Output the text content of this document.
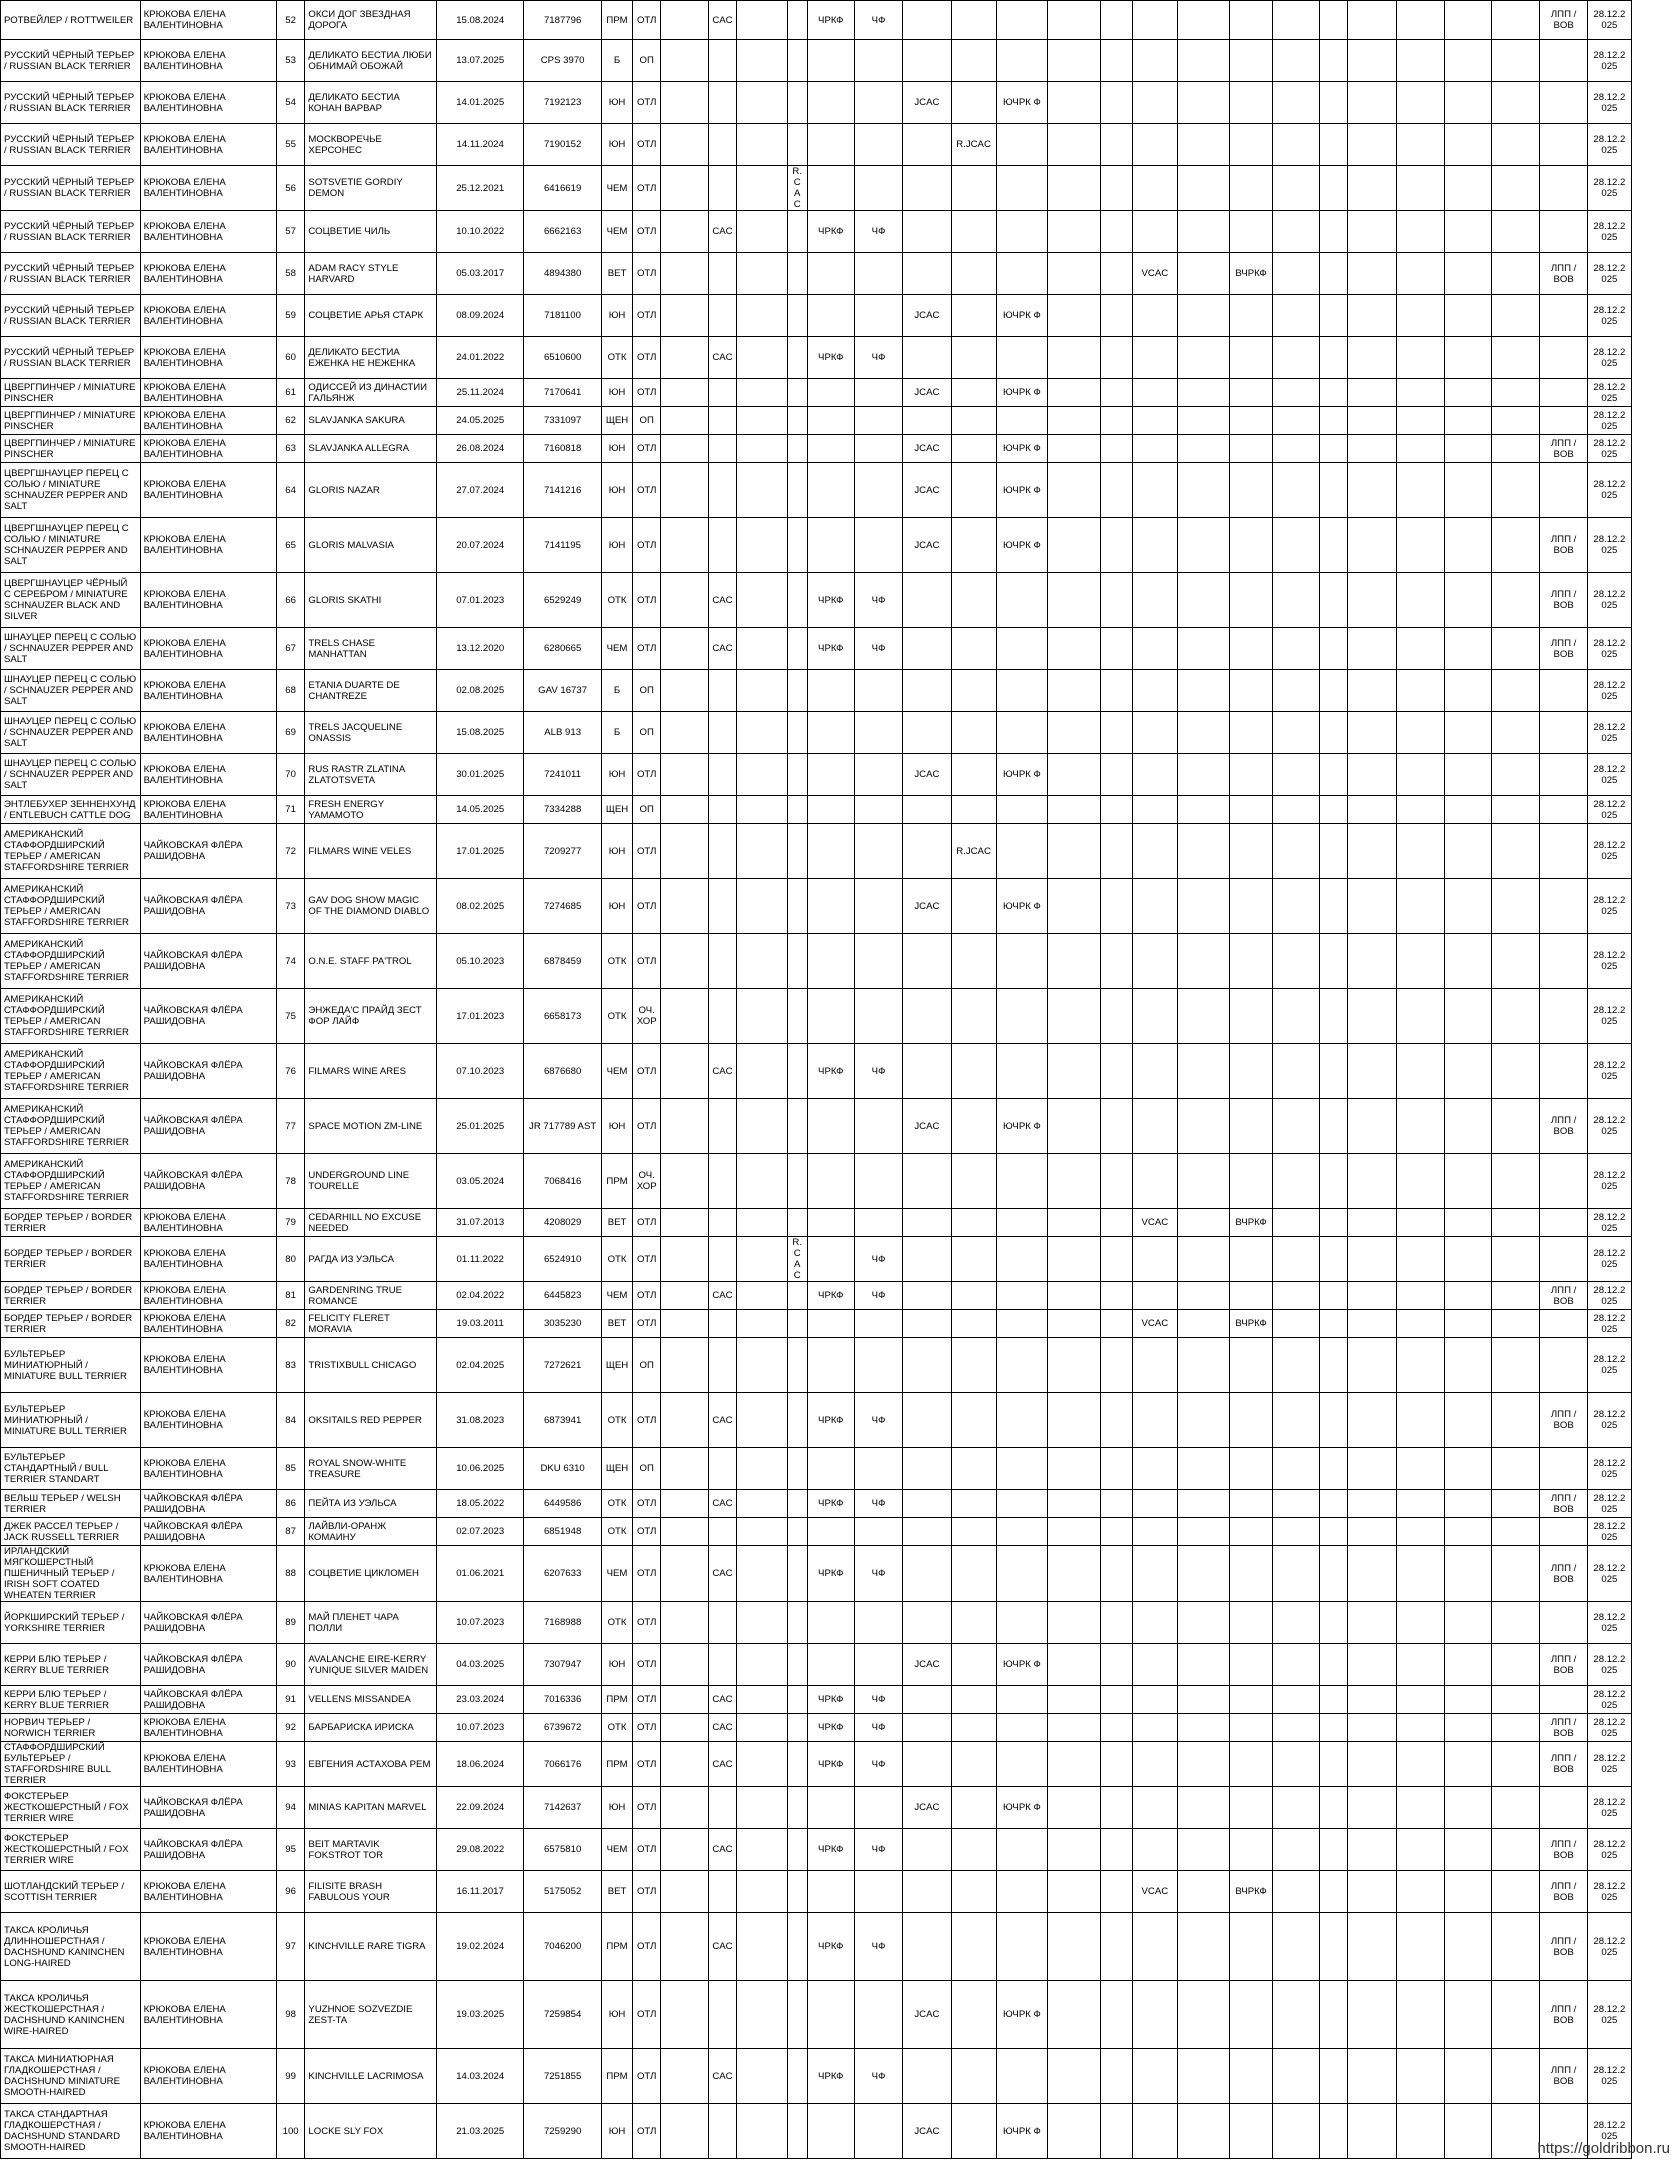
РОТВЕЙЛЕР / ROTTWEILER	КРЮКОВА ЕЛЕНА ВАЛЕНТИНОВНА	52	ОКСИ ДОГ ЗВЕЗДНАЯ ДОРОГА	15.08.2024	7187796	ПРМ	ОТЛ		CAC			ЧРКФ	ЧФ															ЛПП / BOB	28.12.2025
РУССКИЙ ЧЁРНЫЙ ТЕРЬЕР / RUSSIAN BLACK TERRIER	КРЮКОВА ЕЛЕНА ВАЛЕНТИНОВНА	53	ДЕЛИКАТО БЕСТИА ЛЮБИ ОБНИМАЙ ОБОЖАЙ	13.07.2025	CPS 3970	Б	ОП																						28.12.2025
РУССКИЙ ЧЁРНЫЙ ТЕРЬЕР / RUSSIAN BLACK TERRIER	КРЮКОВА ЕЛЕНА ВАЛЕНТИНОВНА	54	ДЕЛИКАТО БЕСТИА КОНАН ВАРВАР	14.01.2025	7192123	ЮН	ОТЛ							JCAC		ЮЧРК Ф													28.12.2025
РУССКИЙ ЧЁРНЫЙ ТЕРЬЕР / RUSSIAN BLACK TERRIER	КРЮКОВА ЕЛЕНА ВАЛЕНТИНОВНА	55	МОСКВОРЕЧЬЕ ХЕРСОНЕС	14.11.2024	7190152	ЮН	ОТЛ								R.JCAC														28.12.2025
РУССКИЙ ЧЁРНЫЙ ТЕРЬЕР / RUSSIAN BLACK TERRIER	КРЮКОВА ЕЛЕНА ВАЛЕНТИНОВНА	56	SOTSVETIE GORDIY DEMON	25.12.2021	6416619	ЧЕМ	ОТЛ				R.CAC																		28.12.2025
РУССКИЙ ЧЁРНЫЙ ТЕРЬЕР / RUSSIAN BLACK TERRIER	КРЮКОВА ЕЛЕНА ВАЛЕНТИНОВНА	57	СОЦВЕТИЕ ЧИЛЬ	10.10.2022	6662163	ЧЕМ	ОТЛ		CAC			ЧРКФ	ЧФ																28.12.2025
РУССКИЙ ЧЁРНЫЙ ТЕРЬЕР / RUSSIAN BLACK TERRIER	КРЮКОВА ЕЛЕНА ВАЛЕНТИНОВНА	58	ADAM RACY STYLE HARVARD	05.03.2017	4894380	ВЕТ	ОТЛ												VCAC		ВЧРКФ							ЛПП / BOB	28.12.2025
РУССКИЙ ЧЁРНЫЙ ТЕРЬЕР / RUSSIAN BLACK TERRIER	КРЮКОВА ЕЛЕНА ВАЛЕНТИНОВНА	59	СОЦВЕТИЕ АРЬЯ СТАРК	08.09.2024	7181100	ЮН	ОТЛ							JCAC		ЮЧРК Ф													28.12.2025
РУССКИЙ ЧЁРНЫЙ ТЕРЬЕР / RUSSIAN BLACK TERRIER	КРЮКОВА ЕЛЕНА ВАЛЕНТИНОВНА	60	ДЕЛИКАТО БЕСТИА ЕЖЕНКА НЕ НЕЖЕНКА	24.01.2022	6510600	ОТК	ОТЛ		CAC			ЧРКФ	ЧФ																28.12.2025
ЦВЕРГПИНЧЕР / MINIATURE PINSCHER	КРЮКОВА ЕЛЕНА ВАЛЕНТИНОВНА	61	ОДИССЕЙ ИЗ ДИНАСТИИ ГАЛЬЯНЖ	25.11.2024	7170641	ЮН	ОТЛ							JCAC		ЮЧРК Ф													28.12.2025
ЦВЕРГПИНЧЕР / MINIATURE PINSCHER	КРЮКОВА ЕЛЕНА ВАЛЕНТИНОВНА	62	SLAVJANKA SAKURA	24.05.2025	7331097	ЩЕН	ОП																						28.12.2025
ЦВЕРГПИНЧЕР / MINIATURE PINSCHER	КРЮКОВА ЕЛЕНА ВАЛЕНТИНОВНА	63	SLAVJANKA ALLEGRA	26.08.2024	7160818	ЮН	ОТЛ							JCAC		ЮЧРК Ф												ЛПП / BOB	28.12.2025
ЦВЕРГШНАУЦЕР ПЕРЕЦ С СОЛЬЮ / MINIATURE SCHNAUZER PEPPER AND SALT	КРЮКОВА ЕЛЕНА ВАЛЕНТИНОВНА	64	GLORIS NAZAR	27.07.2024	7141216	ЮН	ОТЛ							JCAC		ЮЧРК Ф													28.12.2025
ЦВЕРГШНАУЦЕР ПЕРЕЦ С СОЛЬЮ / MINIATURE SCHNAUZER PEPPER AND SALT	КРЮКОВА ЕЛЕНА ВАЛЕНТИНОВНА	65	GLORIS MALVASIA	20.07.2024	7141195	ЮН	ОТЛ							JCAC		ЮЧРК Ф												ЛПП / BOB	28.12.2025
ЦВЕРГШНАУЦЕР ЧЁРНЫЙ С СЕРЕБРОМ / MINIATURE SCHNAUZER BLACK AND SILVER	КРЮКОВА ЕЛЕНА ВАЛЕНТИНОВНА	66	GLORIS SKATHI	07.01.2023	6529249	ОТК	ОТЛ		CAC			ЧРКФ	ЧФ															ЛПП / BOB	28.12.2025
ШНАУЦЕР ПЕРЕЦ С СОЛЬЮ / SCHNAUZER PEPPER AND SALT	КРЮКОВА ЕЛЕНА ВАЛЕНТИНОВНА	67	TRELS CHASE MANHATTAN	13.12.2020	6280665	ЧЕМ	ОТЛ		CAC			ЧРКФ	ЧФ															ЛПП / BOB	28.12.2025
ШНАУЦЕР ПЕРЕЦ С СОЛЬЮ / SCHNAUZER PEPPER AND SALT	КРЮКОВА ЕЛЕНА ВАЛЕНТИНОВНА	68	ETANIA DUARTE DE CHANTREZE	02.08.2025	GAV 16737	Б	ОП																						28.12.2025
ШНАУЦЕР ПЕРЕЦ С СОЛЬЮ / SCHNAUZER PEPPER AND SALT	КРЮКОВА ЕЛЕНА ВАЛЕНТИНОВНА	69	TRELS JACQUELINE ONASSIS	15.08.2025	ALB 913	Б	ОП																						28.12.2025
ШНАУЦЕР ПЕРЕЦ С СОЛЬЮ / SCHNAUZER PEPPER AND SALT	КРЮКОВА ЕЛЕНА ВАЛЕНТИНОВНА	70	RUS RASTR ZLATINA ZLATOTSVETA	30.01.2025	7241011	ЮН	ОТЛ							JCAC		ЮЧРК Ф													28.12.2025
ЭНТЛЕБУХЕР ЗЕННЕНХУНД / ENTLEBUCH CATTLE DOG	КРЮКОВА ЕЛЕНА ВАЛЕНТИНОВНА	71	FRESH ENERGY YAMAMOTO	14.05.2025	7334288	ЩЕН	ОП																						28.12.2025
АМЕРИКАНСКИЙ СТАФФОРДШИРСКИЙ ТЕРЬЕР / AMERICAN STAFFORDSHIRE TERRIER	ЧАЙКОВСКАЯ ФЛЁРА РАШИДОВНА	72	FILMARS WINE VELES	17.01.2025	7209277	ЮН	ОТЛ								R.JCAC														28.12.2025
АМЕРИКАНСКИЙ СТАФФОРДШИРСКИЙ ТЕРЬЕР / AMERICAN STAFFORDSHIRE TERRIER	ЧАЙКОВСКАЯ ФЛЁРА РАШИДОВНА	73	GAV DOG SHOW MAGIC OF THE DIAMOND DIABLO	08.02.2025	7274685	ЮН	ОТЛ							JCAC		ЮЧРК Ф													28.12.2025
АМЕРИКАНСКИЙ СТАФФОРДШИРСКИЙ ТЕРЬЕР / AMERICAN STAFFORDSHIRE TERRIER	ЧАЙКОВСКАЯ ФЛЁРА РАШИДОВНА	74	O.N.E. STAFF PA'TROL	05.10.2023	6878459	ОТК	ОТЛ																						28.12.2025
АМЕРИКАНСКИЙ СТАФФОРДШИРСКИЙ ТЕРЬЕР / AMERICAN STAFFORDSHIRE TERRIER	ЧАЙКОВСКАЯ ФЛЁРА РАШИДОВНА	75	ЭНЖЕДА'С ПРАЙД ЗЕСТ ФОР ЛАЙФ	17.01.2023	6658173	ОТК	ОЧ.ХОР																						28.12.2025
АМЕРИКАНСКИЙ СТАФФОРДШИРСКИЙ ТЕРЬЕР / AMERICAN STAFFORDSHIRE TERRIER	ЧАЙКОВСКАЯ ФЛЁРА РАШИДОВНА	76	FILMARS WINE ARES	07.10.2023	6876680	ЧЕМ	ОТЛ		CAC			ЧРКФ	ЧФ																28.12.2025
АМЕРИКАНСКИЙ СТАФФОРДШИРСКИЙ ТЕРЬЕР / AMERICAN STAFFORDSHIRE TERRIER	ЧАЙКОВСКАЯ ФЛЁРА РАШИДОВНА	77	SPACE MOTION ZM-LINE	25.01.2025	JR 717789 AST	ЮН	ОТЛ							JCAC		ЮЧРК Ф												ЛПП / BOB	28.12.2025
АМЕРИКАНСКИЙ СТАФФОРДШИРСКИЙ ТЕРЬЕР / AMERICAN STAFFORDSHIRE TERRIER	ЧАЙКОВСКАЯ ФЛЁРА РАШИДОВНА	78	UNDERGROUND LINE TOURELLE	03.05.2024	7068416	ПРМ	ОЧ.ХОР																						28.12.2025
БОРДЕР ТЕРЬЕР / BORDER TERRIER	КРЮКОВА ЕЛЕНА ВАЛЕНТИНОВНА	79	CEDARHILL NO EXCUSE NEEDED	31.07.2013	4208029	ВЕТ	ОТЛ												VCAC		ВЧРКФ								28.12.2025
БОРДЕР ТЕРЬЕР / BORDER TERRIER	КРЮКОВА ЕЛЕНА ВАЛЕНТИНОВНА	80	РАГДА ИЗ УЭЛЬСА	01.11.2022	6524910	ОТК	ОТЛ				R.CAC		ЧФ																28.12.2025
БОРДЕР ТЕРЬЕР / BORDER TERRIER	КРЮКОВА ЕЛЕНА ВАЛЕНТИНОВНА	81	GARDENRING TRUE ROMANCE	02.04.2022	6445823	ЧЕМ	ОТЛ		CAC			ЧРКФ	ЧФ															ЛПП / BOB	28.12.2025
БОРДЕР ТЕРЬЕР / BORDER TERRIER	КРЮКОВА ЕЛЕНА ВАЛЕНТИНОВНА	82	FELICITY FLERET MORAVIA	19.03.2011	3035230	ВЕТ	ОТЛ												VCAC		ВЧРКФ								28.12.2025
БУЛЬТЕРЬЕР МИНИАТЮРНЫЙ / MINIATURE BULL TERRIER	КРЮКОВА ЕЛЕНА ВАЛЕНТИНОВНА	83	TRISTIXBULL CHICAGO	02.04.2025	7272621	ЩЕН	ОП																						28.12.2025
БУЛЬТЕРЬЕР МИНИАТЮРНЫЙ / MINIATURE BULL TERRIER	КРЮКОВА ЕЛЕНА ВАЛЕНТИНОВНА	84	OKSITAILS RED PEPPER	31.08.2023	6873941	ОТК	ОТЛ		CAC			ЧРКФ	ЧФ															ЛПП / BOB	28.12.2025
БУЛЬТЕРЬЕР СТАНДАРТНЫЙ / BULL TERRIER STANDART	КРЮКОВА ЕЛЕНА ВАЛЕНТИНОВНА	85	ROYAL SNOW-WHITE TREASURE	10.06.2025	DKU 6310	ЩЕН	ОП																						28.12.2025
ВЕЛЬШ ТЕРЬЕР / WELSH TERRIER	ЧАЙКОВСКАЯ ФЛЁРА РАШИДОВНА	86	ПЕЙТА ИЗ УЭЛЬСА	18.05.2022	6449586	ОТК	ОТЛ		CAC			ЧРКФ	ЧФ															ЛПП / BOB	28.12.2025
ДЖЕК РАССЕЛ ТЕРЬЕР / JACK RUSSELL TERRIER	ЧАЙКОВСКАЯ ФЛЁРА РАШИДОВНА	87	ЛАЙВЛИ-ОРАНЖ КОМАИНУ	02.07.2023	6851948	ОТК	ОТЛ																						28.12.2025
ИРЛАНДСКИЙ МЯГКОШЕРСТНЫЙ ПШЕНИЧНЫЙ ТЕРЬЕР / IRISH SOFT COATED WHEATEN TERRIER	КРЮКОВА ЕЛЕНА ВАЛЕНТИНОВНА	88	СОЦВЕТИЕ ЦИКЛОМЕН	01.06.2021	6207633	ЧЕМ	ОТЛ		CAC			ЧРКФ	ЧФ															ЛПП / BOB	28.12.2025
ЙОРКШИРСКИЙ ТЕРЬЕР / YORKSHIRE TERRIER	ЧАЙКОВСКАЯ ФЛЁРА РАШИДОВНА	89	МАЙ ПЛЕНЕТ ЧАРА ПОЛЛИ	10.07.2023	7168988	ОТК	ОТЛ																						28.12.2025
КЕРРИ БЛЮ ТЕРЬЕР / KERRY BLUE TERRIER	ЧАЙКОВСКАЯ ФЛЁРА РАШИДОВНА	90	AVALANCHE EIRE-KERRY YUNIQUE SILVER MAIDEN	04.03.2025	7307947	ЮН	ОТЛ							JCAC		ЮЧРК Ф												ЛПП / BOB	28.12.2025
КЕРРИ БЛЮ ТЕРЬЕР / KERRY BLUE TERRIER	ЧАЙКОВСКАЯ ФЛЁРА РАШИДОВНА	91	VELLENS MISSANDEA	23.03.2024	7016336	ПРМ	ОТЛ		CAC			ЧРКФ	ЧФ																28.12.2025
НОРВИЧ ТЕРЬЕР / NORWICH TERRIER	КРЮКОВА ЕЛЕНА ВАЛЕНТИНОВНА	92	БАРБАРИСКА ИРИСКА	10.07.2023	6739672	ОТК	ОТЛ		CAC			ЧРКФ	ЧФ															ЛПП / BOB	28.12.2025
СТАФФОРДШИРСКИЙ БУЛЬТЕРЬЕР / STAFFORDSHIRE BULL TERRIER	КРЮКОВА ЕЛЕНА ВАЛЕНТИНОВНА	93	ЕВГЕНИЯ АСТАХОВА РЕМ	18.06.2024	7066176	ПРМ	ОТЛ		CAC			ЧРКФ	ЧФ															ЛПП / BOB	28.12.2025
ФОКСТЕРЬЕР ЖЕСТКОШЕРСТНЫЙ / FOX TERRIER WIRE	ЧАЙКОВСКАЯ ФЛЁРА РАШИДОВНА	94	MINIAS KAPITAN MARVEL	22.09.2024	7142637	ЮН	ОТЛ							JCAC		ЮЧРК Ф													28.12.2025
ФОКСТЕРЬЕР ЖЕСТКОШЕРСТНЫЙ / FOX TERRIER WIRE	ЧАЙКОВСКАЯ ФЛЁРА РАШИДОВНА	95	BEIT MARTAVIK FOKSTROT TOR	29.08.2022	6575810	ЧЕМ	ОТЛ		CAC			ЧРКФ	ЧФ															ЛПП / BOB	28.12.2025
ШОТЛАНДСКИЙ ТЕРЬЕР / SCOTTISH TERRIER	КРЮКОВА ЕЛЕНА ВАЛЕНТИНОВНА	96	FILISITE BRASH FABULOUS YOUR	16.11.2017	5175052	ВЕТ	ОТЛ												VCAC		ВЧРКФ							ЛПП / BOB	28.12.2025
ТАКСА КРОЛИЧЬЯ ДЛИННОШЕРСТНАЯ / DACHSHUND KANINCHEN LONG-HAIRED	КРЮКОВА ЕЛЕНА ВАЛЕНТИНОВНА	97	KINCHVILLE RARE TIGRA	19.02.2024	7046200	ПРМ	ОТЛ		CAC			ЧРКФ	ЧФ															ЛПП / BOB	28.12.2025
ТАКСА КРОЛИЧЬЯ ЖЕСТКОШЕРСТНАЯ / DACHSHUND KANINCHEN WIRE-HAIRED	КРЮКОВА ЕЛЕНА ВАЛЕНТИНОВНА	98	YUZHNOE SOZVEZDIE ZEST-TA	19.03.2025	7259854	ЮН	ОТЛ							JCAC		ЮЧРК Ф												ЛПП / BOB	28.12.2025
ТАКСА МИНИАТЮРНАЯ ГЛАДКОШЕРСТНАЯ / DACHSHUND MINIATURE SMOOTH-HAIRED	КРЮКОВА ЕЛЕНА ВАЛЕНТИНОВНА	99	KINCHVILLE LACRIMOSA	14.03.2024	7251855	ПРМ	ОТЛ		CAC			ЧРКФ	ЧФ															ЛПП / BOB	28.12.2025
ТАКСА СТАНДАРТНАЯ ГЛАДКОШЕРСТНАЯ / DACHSHUND STANDARD SMOOTH-HAIRED	КРЮКОВА ЕЛЕНА ВАЛЕНТИНОВНА	100	LOCKE SLY FOX	21.03.2025	7259290	ЮН	ОТЛ							JCAC		ЮЧРК Ф													28.12.2025
https://goldribbon.ru
